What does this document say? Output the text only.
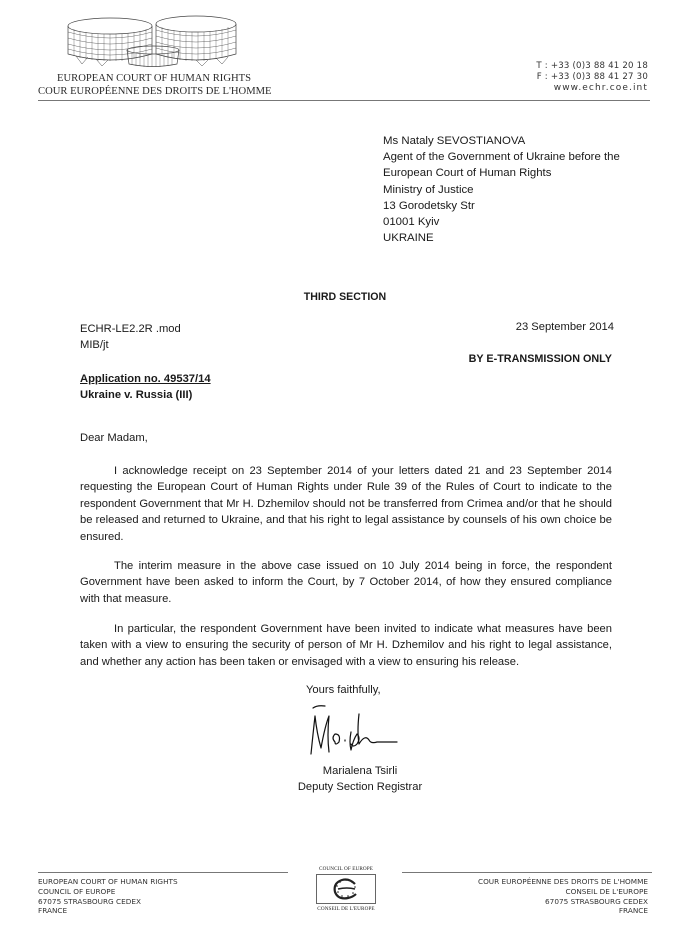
EUROPEAN COURT OF HUMAN RIGHTS
COUR EUROPÉENNE DES DROITS DE L'HOMME
T : +33 (0)3 88 41 20 18
F : +33 (0)3 88 41 27 30
www.echr.coe.int
Ms Nataly SEVOSTIANOVA
Agent of the Government of Ukraine before the
European Court of Human Rights
Ministry of Justice
13 Gorodetsky Str
01001 Kyiv
UKRAINE
THIRD SECTION
ECHR-LE2.2R .mod
MIB/jt
23 September 2014
BY E-TRANSMISSION ONLY
Application no. 49537/14
Ukraine v. Russia (III)
Dear Madam,

I acknowledge receipt on 23 September 2014 of your letters dated 21 and 23 September 2014 requesting the European Court of Human Rights under Rule 39 of the Rules of Court to indicate to the respondent Government that Mr H. Dzhemilov should not be transferred from Crimea and/or that he should be released and returned to Ukraine, and that his right to legal assistance by counsels of his own choice be ensured.

The interim measure in the above case issued on 10 July 2014 being in force, the respondent Government have been asked to inform the Court, by 7 October 2014, of how they ensured compliance with that measure.

In particular, the respondent Government have been invited to indicate what measures have been taken with a view to ensuring the security of person of Mr H. Dzhemilov and his right to legal assistance, and whether any action has been taken or envisaged with a view to ensuring his release.

Yours faithfully,
Marialena Tsirli
Deputy Section Registrar
EUROPEAN COURT OF HUMAN RIGHTS
COUNCIL OF EUROPE
67075 STRASBOURG CEDEX
FRANCE
COUNCIL OF EUROPE
CONSEIL DE L'EUROPE
COUR EUROPÉENNE DES DROITS DE L'HOMME
CONSEIL DE L'EUROPE
67075 STRASBOURG CEDEX
FRANCE
